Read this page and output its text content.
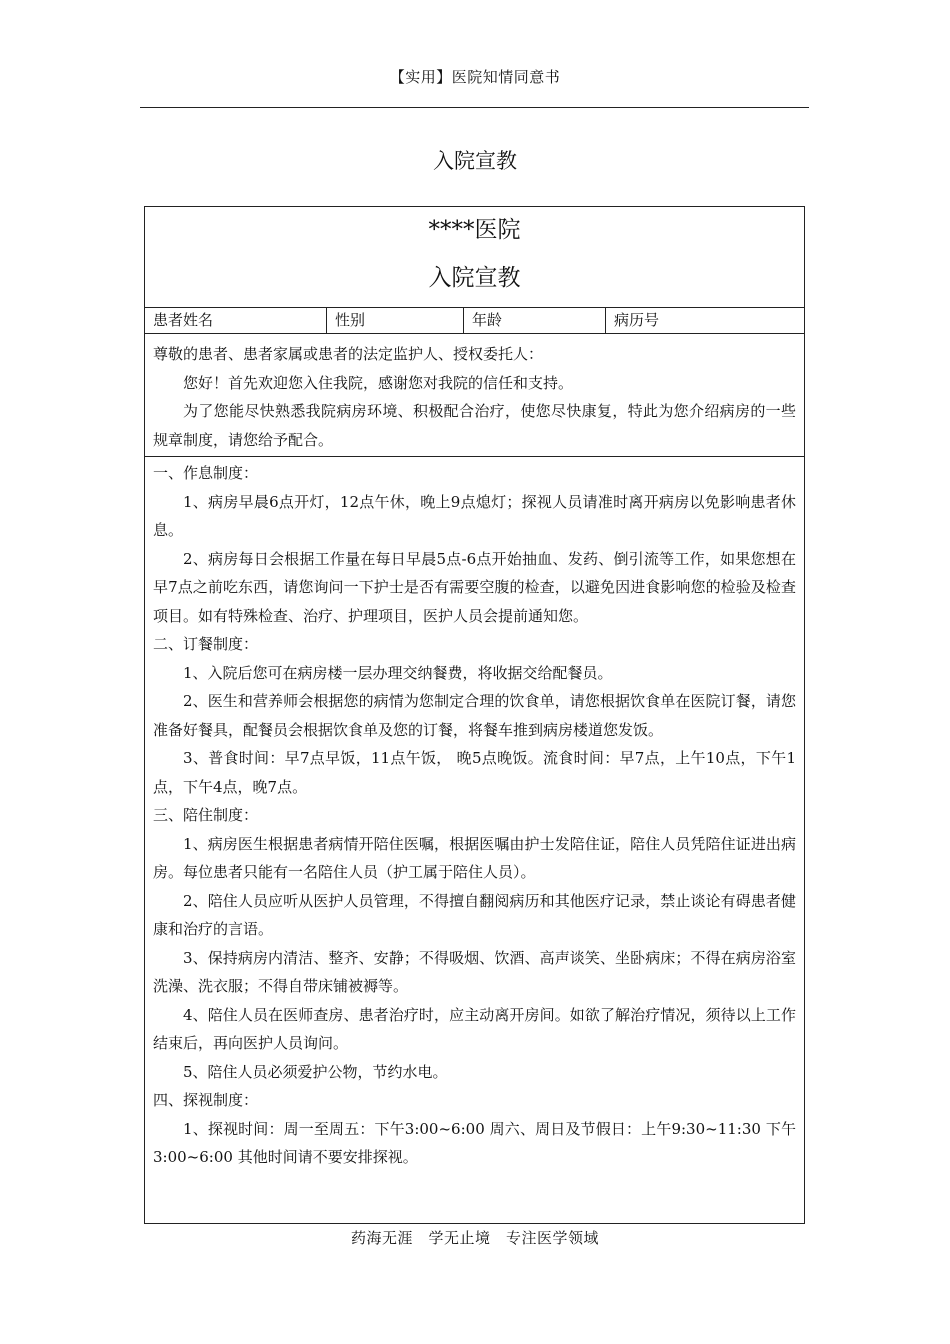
【实用】医院知情同意书
入院宣教
****医院
入院宣教
患者姓名	性别	年龄	病历号

尊敬的患者、患者家属或患者的法定监护人、授权委托人：

您好！首先欢迎您入住我院，感谢您对我院的信任和支持。

为了您能尽快熟悉我院病房环境、积极配合治疗，使您尽快康复，特此为您介绍病房的一些规章制度，请您给予配合。

一、作息制度：

1、病房早晨6点开灯，12点午休，晚上9点熄灯；探视人员请准时离开病房以免影响患者休息。

2、病房每日会根据工作量在每日早晨5点-6点开始抽血、发药、倒引流等工作，如果您想在早7点之前吃东西，请您询问一下护士是否有需要空腹的检查，以避免因进食影响您的检验及检查项目。如有特殊检查、治疗、护理项目，医护人员会提前通知您。

二、订餐制度：

1、入院后您可在病房楼一层办理交纳餐费，将收据交给配餐员。

2、医生和营养师会根据您的病情为您制定合理的饮食单，请您根据饮食单在医院订餐，请您准备好餐具，配餐员会根据饮食单及您的订餐，将餐车推到病房楼道您发饭。

3、普食时间：早7点早饭，11点午饭， 晚5点晚饭。流食时间：早7点，上午10点，下午1点，下午4点，晚7点。

三、陪住制度：

1、病房医生根据患者病情开陪住医嘱，根据医嘱由护士发陪住证，陪住人员凭陪住证进出病房。每位患者只能有一名陪住人员（护工属于陪住人员）。

2、陪住人员应听从医护人员管理，不得擅自翻阅病历和其他医疗记录，禁止谈论有碍患者健康和治疗的言语。

3、保持病房内清洁、整齐、安静；不得吸烟、饮酒、高声谈笑、坐卧病床；不得在病房浴室洗澡、洗衣服；不得自带床铺被褥等。

4、陪住人员在医师查房、患者治疗时，应主动离开房间。如欲了解治疗情况，须待以上工作结束后，再向医护人员询问。

5、陪住人员必须爱护公物，节约水电。

四、探视制度：

1、探视时间：周一至周五：下午3:00~6:00 周六、周日及节假日：上午9:30~11:30 下午3:00~6:00 其他时间请不要安排探视。

药海无涯　学无止境　专注医学领域
